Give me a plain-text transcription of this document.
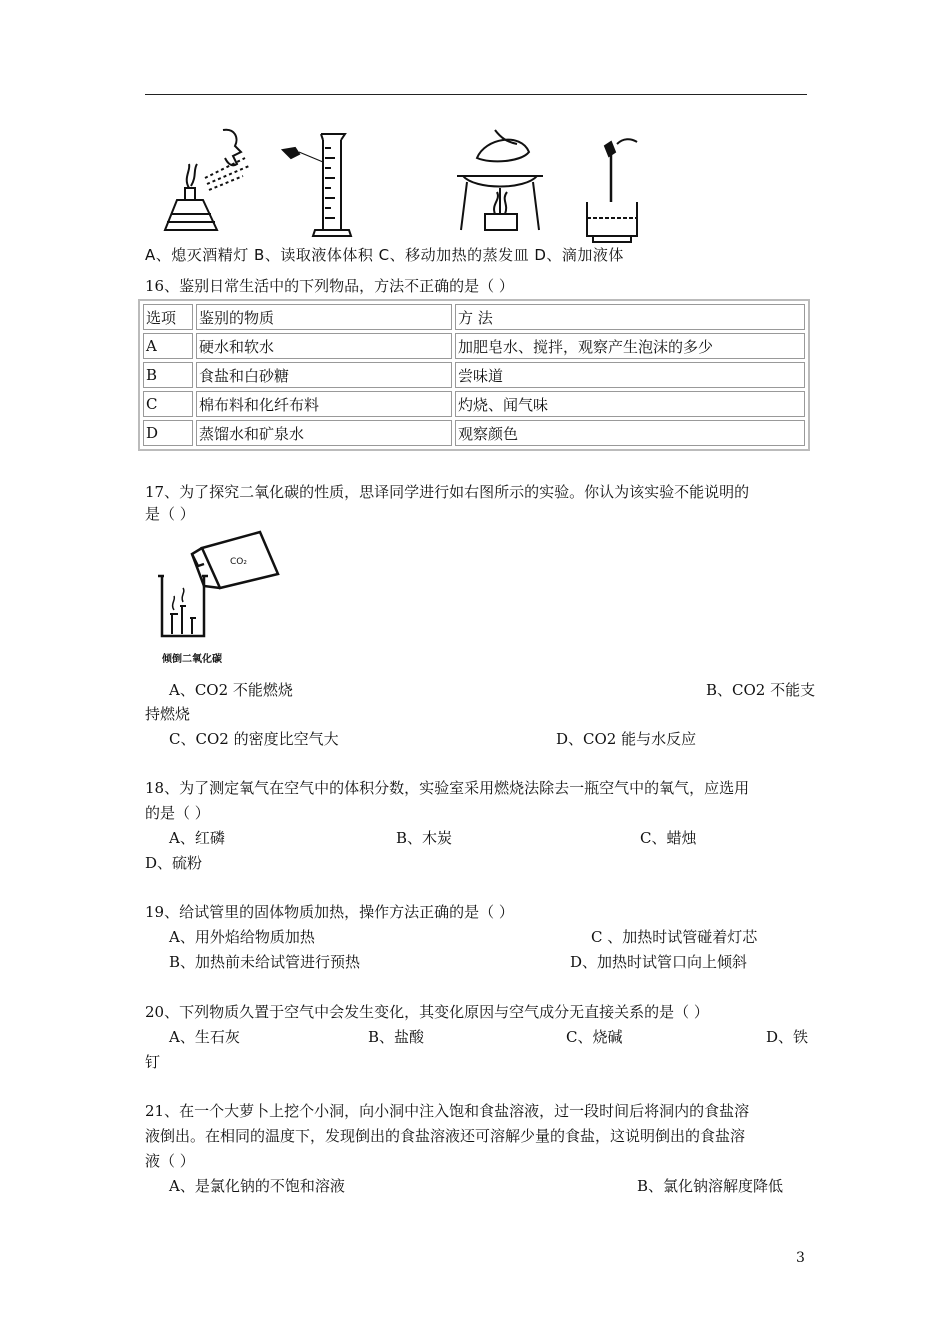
A、熄灭酒精灯 B、读取液体体积 C、移动加热的蒸发皿 D、滴加液体
16、鉴别日常生活中的下列物品，方法不正确的是（ ）
选项	鉴别的物质	方 法
A	硬水和软水	加肥皂水、搅拌，观察产生泡沫的多少
B	食盐和白砂糖	尝味道
C	棉布料和化纤布料	灼烧、闻气味
D	蒸馏水和矿泉水	观察颜色
17、为了探究二氧化碳的性质，思译同学进行如右图所示的实验。你认为该实验不能说明的
是（ ）
CO₂
倾倒二氧化碳
A、CO2 不能燃烧	B、CO2 不能支
持燃烧
C、CO2 的密度比空气大	D、CO2 能与水反应
18、为了测定氧气在空气中的体积分数，实验室采用燃烧法除去一瓶空气中的氧气，应选用
的是（ ）
A、红磷	B、木炭	C、蜡烛
D、硫粉
19、给试管里的固体物质加热，操作方法正确的是（ ）
A、用外焰给物质加热	C 、加热时试管碰着灯芯
B、加热前未给试管进行预热	D、加热时试管口向上倾斜
20、下列物质久置于空气中会发生变化，其变化原因与空气成分无直接关系的是（ ）
A、生石灰	B、盐酸	C、烧碱	D、铁
钉
21、在一个大萝卜上挖个小洞，向小洞中注入饱和食盐溶液，过一段时间后将洞内的食盐溶
液倒出。在相同的温度下，发现倒出的食盐溶液还可溶解少量的食盐，这说明倒出的食盐溶
液（ ）
A、是氯化钠的不饱和溶液	B、氯化钠溶解度降低
3
